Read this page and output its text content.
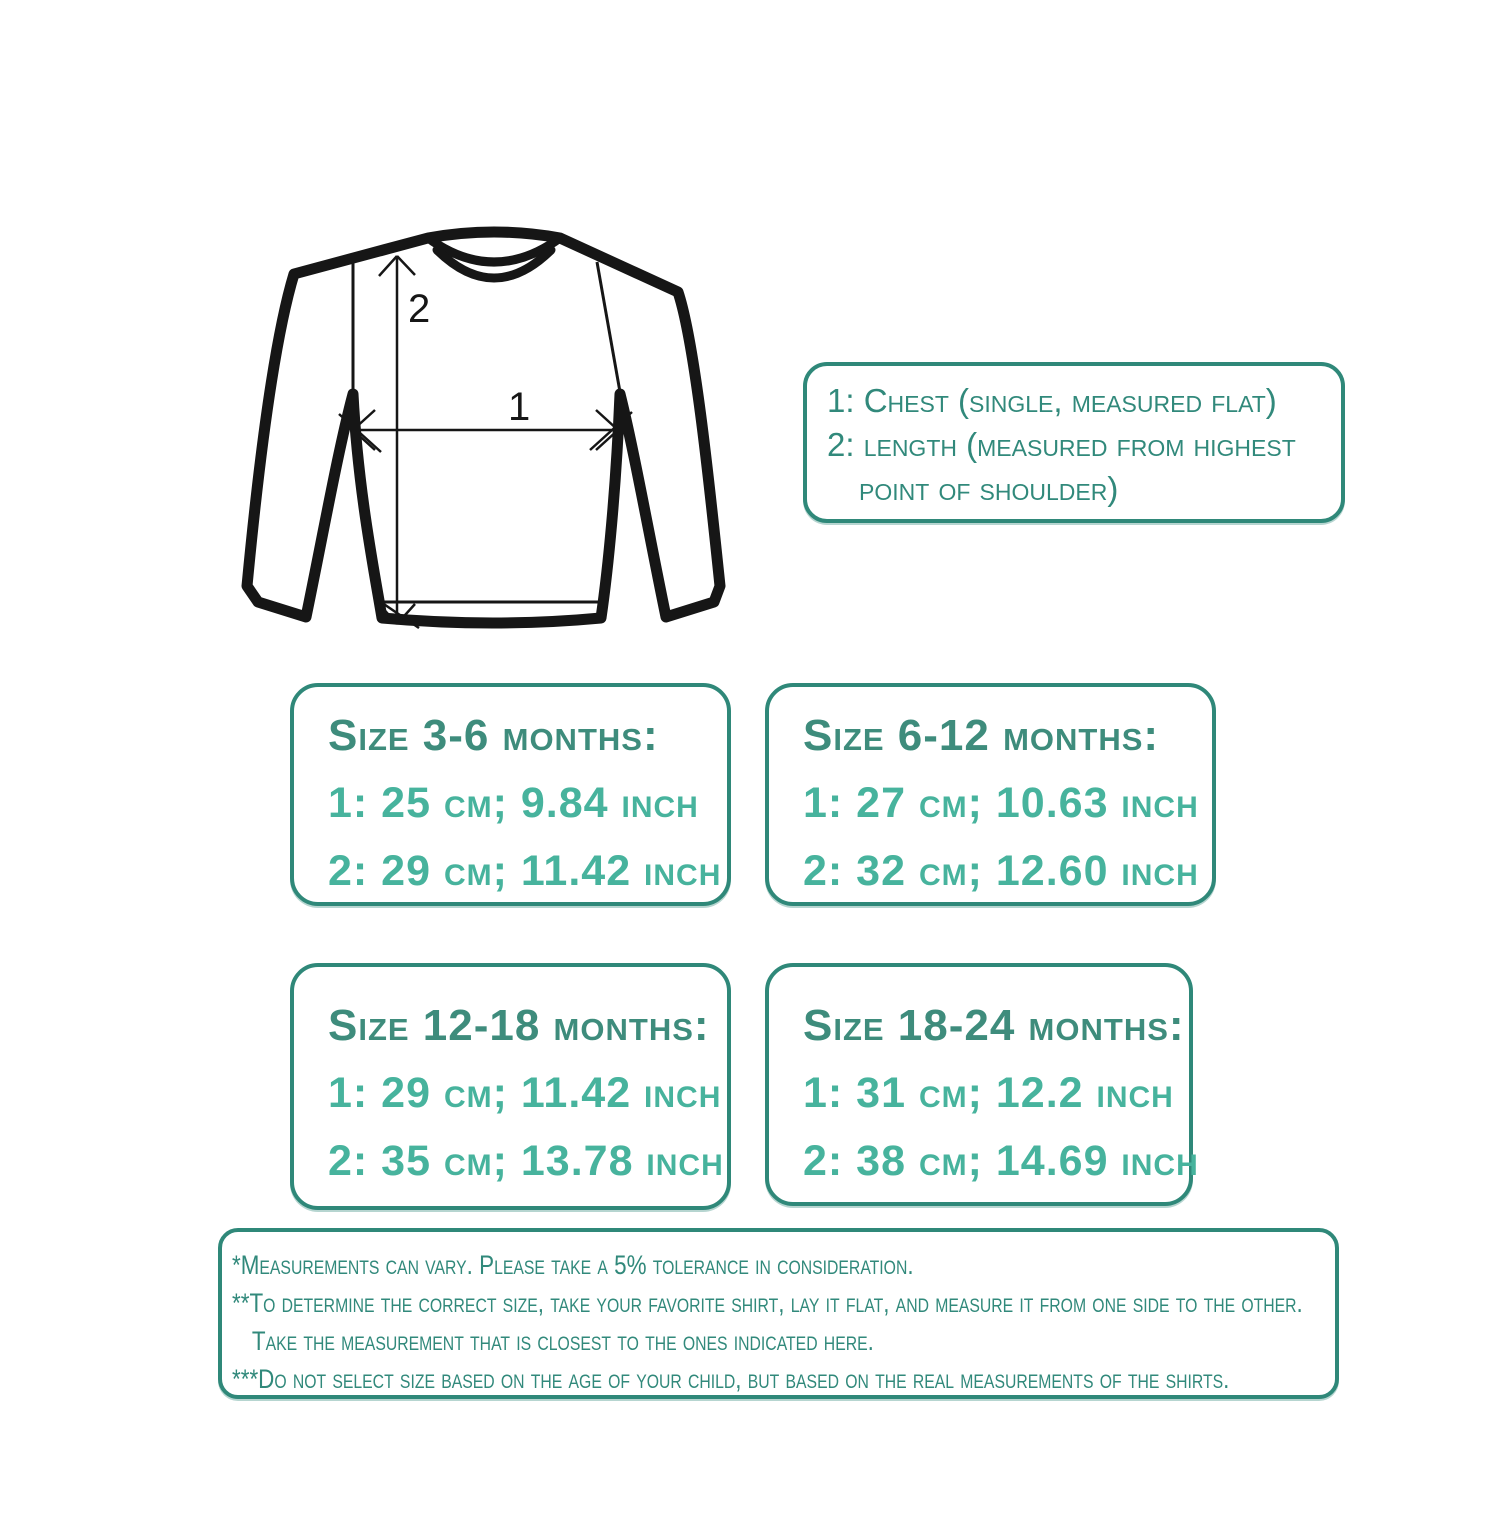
2
1	1: Chest (single, measured flat)
2: length (measured from highest
point of shoulder)
Size 3-6 months:
1: 25 cm; 9.84 inch
2: 29 cm; 11.42 inch
Size 6-12 months:
1: 27 cm; 10.63 inch
2: 32 cm; 12.60 inch
Size 12-18 months:
1: 29 cm; 11.42 inch
2: 35 cm; 13.78 inch
Size 18-24 months:
1: 31 cm; 12.2 inch
2: 38 cm; 14.69 inch
*Measurements can vary. Please take a 5% tolerance in consideration.
**To determine the correct size, take your favorite shirt, lay it flat, and measure it from one side to the other.
Take the measurement that is closest to the ones indicated here.
***Do not select size based on the age of your child, but based on the real measurements of the shirts.
